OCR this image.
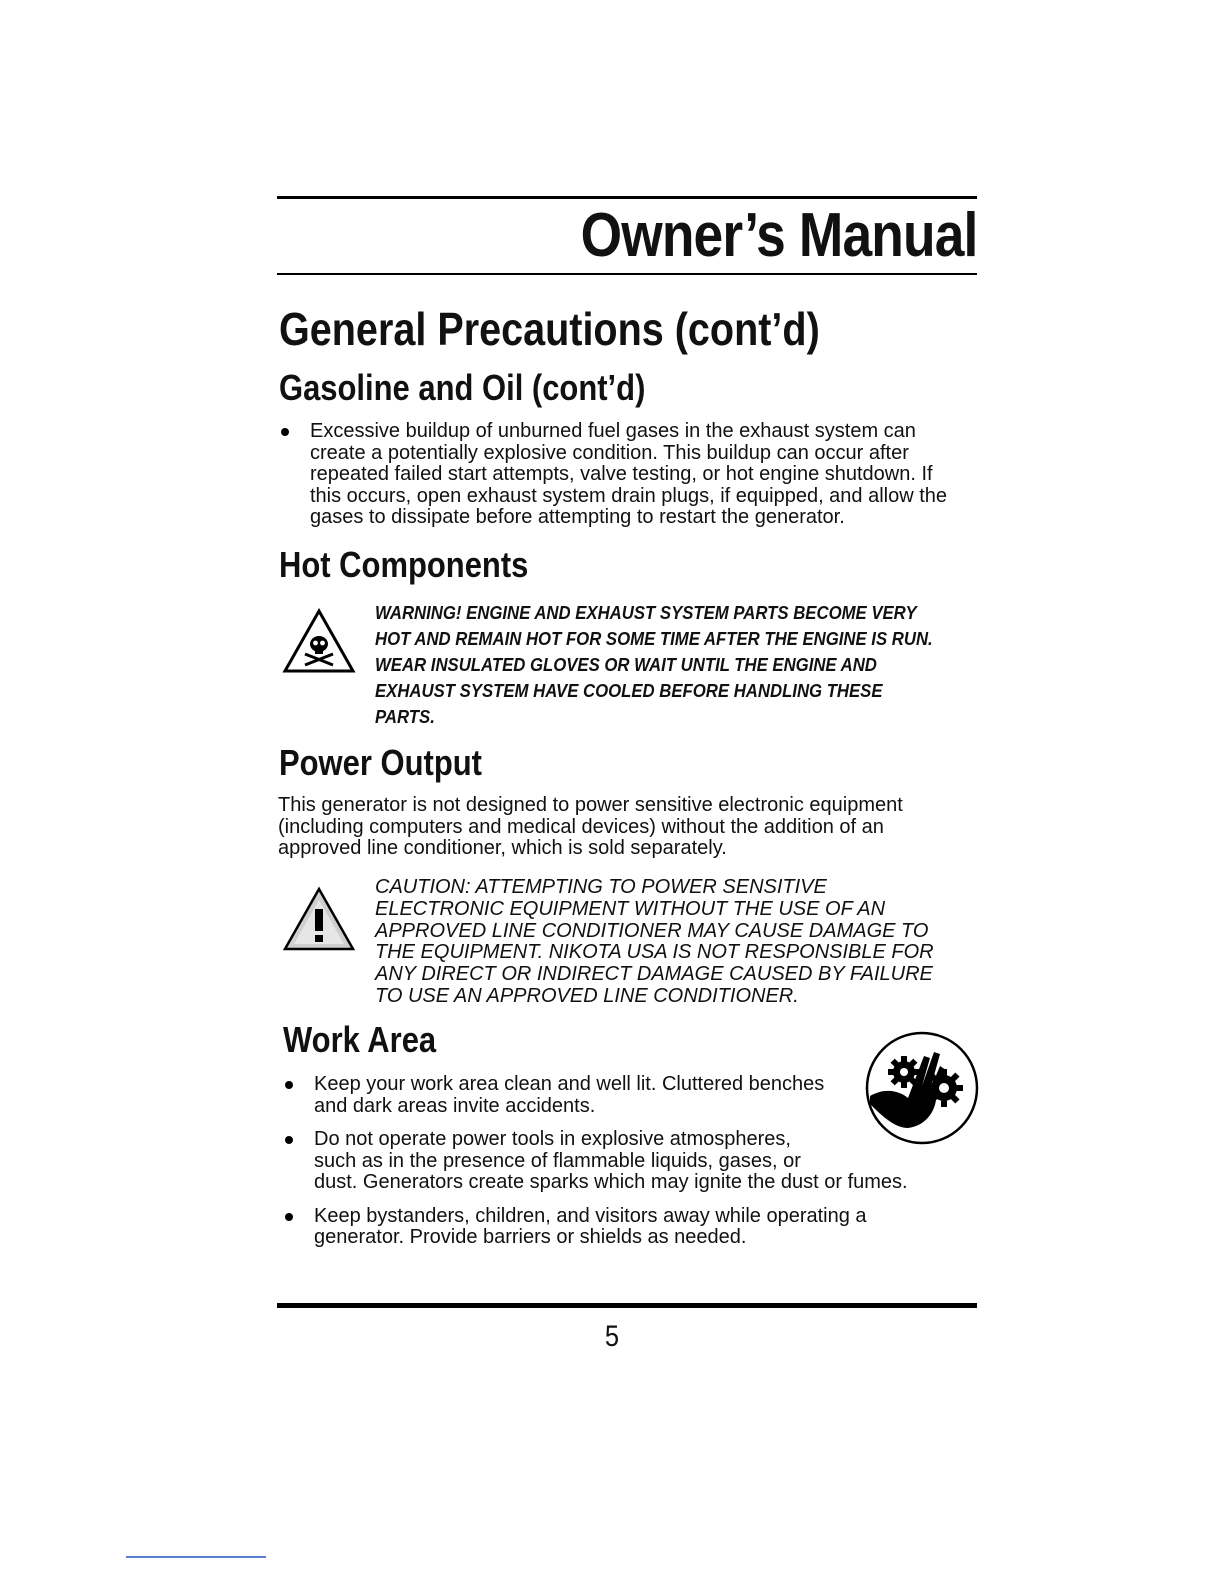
Owner’s Manual
General Precautions (cont’d)
Gasoline and Oil (cont’d)
Excessive buildup of unburned fuel gases in the exhaust system can
create a potentially explosive condition. This buildup can occur after
repeated failed start attempts, valve testing, or hot engine shutdown. If
this occurs, open exhaust system drain plugs, if equipped, and allow the
gases to dissipate before attempting to restart the generator.
Hot Components
WARNING! ENGINE AND EXHAUST SYSTEM PARTS BECOME VERY
HOT AND REMAIN HOT FOR SOME TIME AFTER THE ENGINE IS RUN.
WEAR INSULATED GLOVES OR WAIT UNTIL THE ENGINE AND
EXHAUST SYSTEM HAVE COOLED BEFORE HANDLING THESE
PARTS.
Power Output
This generator is not designed to power sensitive electronic equipment
(including computers and medical devices) without the addition of an
approved line conditioner, which is sold separately.
CAUTION: ATTEMPTING TO POWER SENSITIVE
ELECTRONIC EQUIPMENT WITHOUT THE USE OF AN
APPROVED LINE CONDITIONER MAY CAUSE DAMAGE TO
THE EQUIPMENT. NIKOTA USA IS NOT RESPONSIBLE FOR
ANY DIRECT OR INDIRECT DAMAGE CAUSED BY FAILURE
TO USE AN APPROVED LINE CONDITIONER.
Work Area
Keep your work area clean and well lit. Cluttered benches
and dark areas invite accidents.
Do not operate power tools in explosive atmospheres,
such as in the presence of flammable liquids, gases, or
dust. Generators create sparks which may ignite the dust or fumes.
Keep bystanders, children, and visitors away while operating a
generator. Provide barriers or shields as needed.
5
